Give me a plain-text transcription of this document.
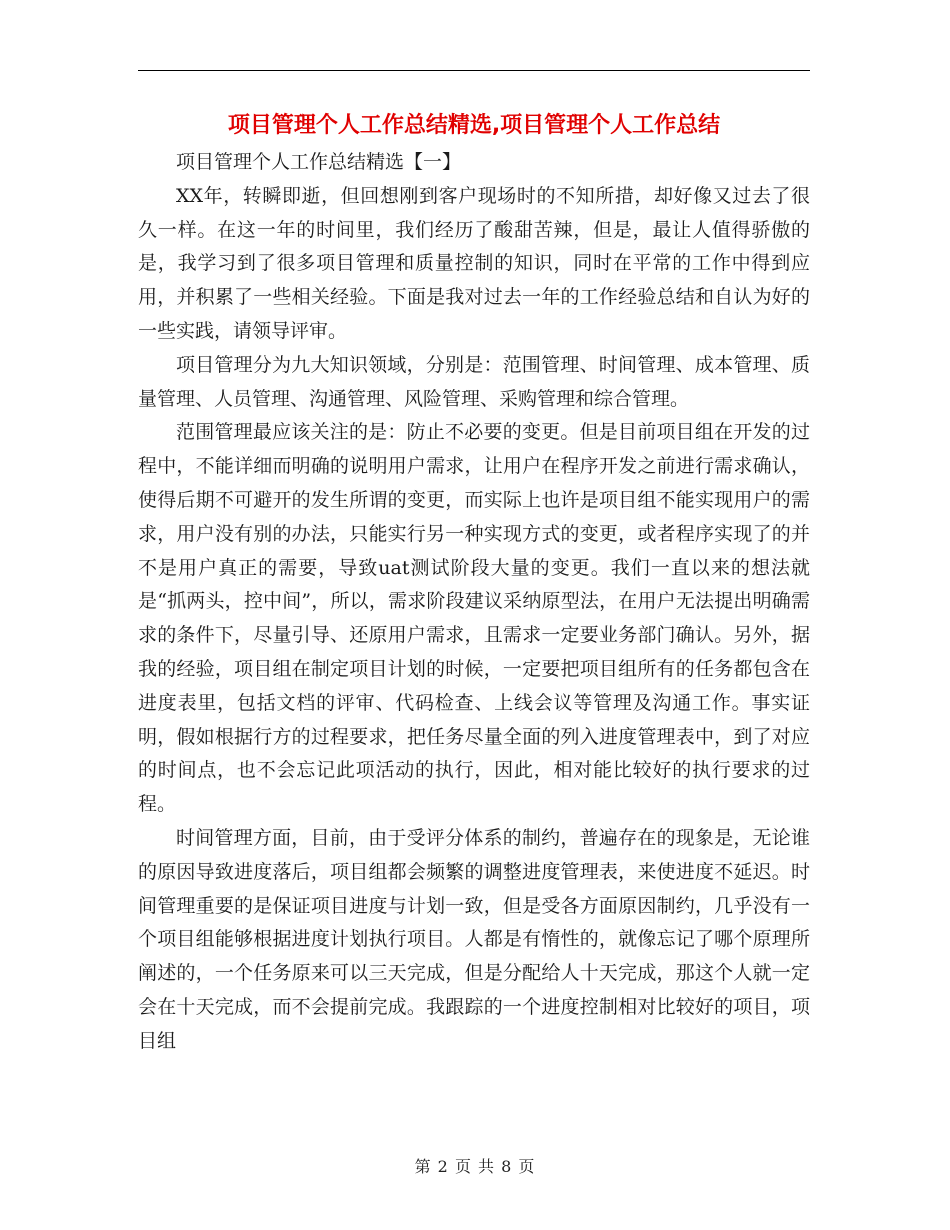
项目管理个人工作总结精选,项目管理个人工作总结

项目管理个人工作总结精选【一】

XX年，转瞬即逝，但回想刚到客户现场时的不知所措，却好像又过去了很久一样。在这一年的时间里，我们经历了酸甜苦辣，但是，最让人值得骄傲的是，我学习到了很多项目管理和质量控制的知识，同时在平常的工作中得到应用，并积累了一些相关经验。下面是我对过去一年的工作经验总结和自认为好的一些实践，请领导评审。

项目管理分为九大知识领域，分别是：范围管理、时间管理、成本管理、质量管理、人员管理、沟通管理、风险管理、采购管理和综合管理。

范围管理最应该关注的是：防止不必要的变更。但是目前项目组在开发的过程中，不能详细而明确的说明用户需求，让用户在程序开发之前进行需求确认，使得后期不可避开的发生所谓的变更，而实际上也许是项目组不能实现用户的需求，用户没有别的办法，只能实行另一种实现方式的变更，或者程序实现了的并不是用户真正的需要，导致uat测试阶段大量的变更。我们一直以来的想法就是“抓两头，控中间”，所以，需求阶段建议采纳原型法，在用户无法提出明确需求的条件下，尽量引导、还原用户需求，且需求一定要业务部门确认。另外，据我的经验，项目组在制定项目计划的时候，一定要把项目组所有的任务都包含在进度表里，包括文档的评审、代码检查、上线会议等管理及沟通工作。事实证明，假如根据行方的过程要求，把任务尽量全面的列入进度管理表中，到了对应的时间点，也不会忘记此项活动的执行，因此，相对能比较好的执行要求的过程。

时间管理方面，目前，由于受评分体系的制约，普遍存在的现象是，无论谁的原因导致进度落后，项目组都会频繁的调整进度管理表，来使进度不延迟。时间管理重要的是保证项目进度与计划一致，但是受各方面原因制约，几乎没有一个项目组能够根据进度计划执行项目。人都是有惰性的，就像忘记了哪个原理所阐述的，一个任务原来可以三天完成，但是分配给人十天完成，那这个人就一定会在十天完成，而不会提前完成。我跟踪的一个进度控制相对比较好的项目，项目组

第 2 页 共 8 页
